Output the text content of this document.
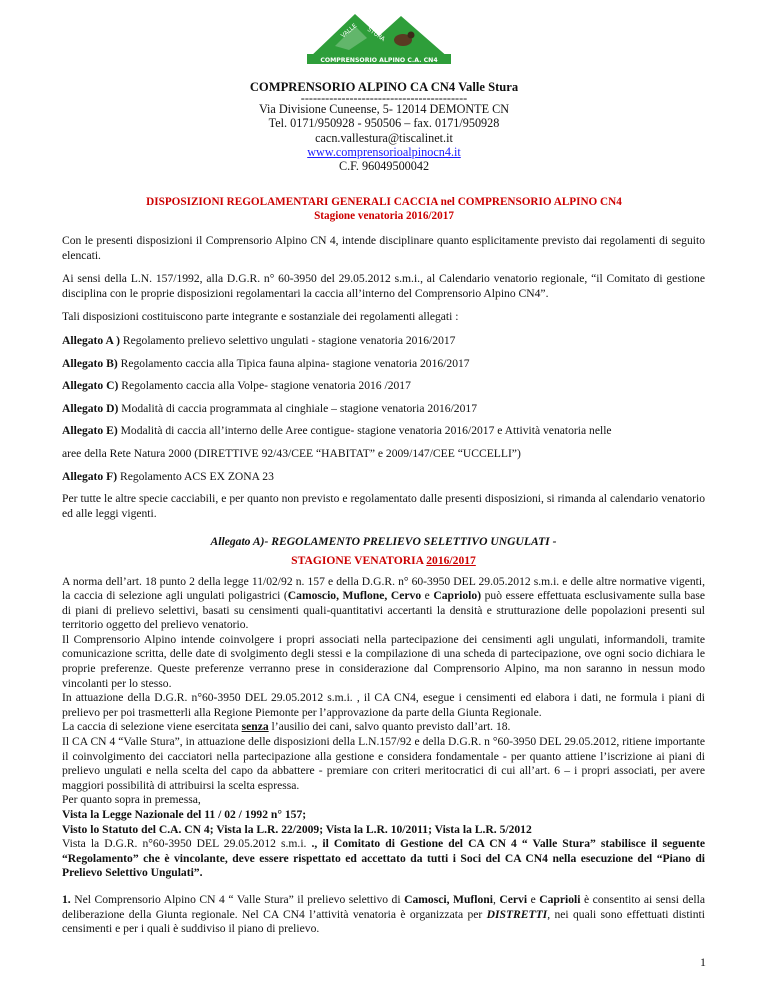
VALLE STURA
COMPRENSORIO ALPINO C.A. CN4
COMPRENSORIO ALPINO CA CN4 Valle Stura
-----------------------------------------
Via Divisione Cuneense, 5- 12014 DEMONTE CN
Tel. 0171/950928 - 950506 – fax. 0171/950928
cacn.vallestura@tiscalinet.it
www.comprensorioalpinocn4.it
C.F. 96049500042
DISPOSIZIONI REGOLAMENTARI GENERALI CACCIA nel COMPRENSORIO ALPINO CN4
Stagione venatoria 2016/2017

Con le presenti disposizioni il Comprensorio Alpino CN 4, intende disciplinare quanto esplicitamente previsto dai regolamenti di seguito elencati.

Ai sensi della L.N. 157/1992, alla D.G.R. n° 60-3950 del 29.05.2012 s.m.i., al Calendario venatorio regionale, “il Comitato di gestione disciplina con le proprie disposizioni regolamentari la caccia all’interno del Comprensorio Alpino CN4”.

Tali disposizioni costituiscono parte integrante e sostanziale dei regolamenti allegati :

Allegato A ) Regolamento prelievo selettivo ungulati - stagione venatoria 2016/2017

Allegato B) Regolamento caccia alla Tipica fauna alpina- stagione venatoria 2016/2017

Allegato C) Regolamento caccia alla Volpe- stagione venatoria 2016 /2017

Allegato D) Modalità di caccia programmata al cinghiale – stagione venatoria 2016/2017

Allegato E) Modalità di caccia all’interno delle Aree contigue- stagione venatoria 2016/2017 e Attività venatoria nelle

aree della Rete Natura 2000 (DIRETTIVE 92/43/CEE “HABITAT” e 2009/147/CEE “UCCELLI”)

Allegato F) Regolamento ACS EX ZONA 23

Per tutte le altre specie cacciabili, e per quanto non previsto e regolamentato dalle presenti disposizioni, si rimanda al calendario venatorio ed alle leggi vigenti.

Allegato A)- REGOLAMENTO PRELIEVO SELETTIVO UNGULATI -

STAGIONE VENATORIA 2016/2017

A norma dell’art. 18 punto 2 della legge 11/02/92 n. 157 e della D.G.R. n° 60-3950 DEL 29.05.2012 s.m.i. e delle altre normative vigenti, la caccia di selezione agli ungulati poligastrici (Camoscio, Muflone, Cervo e Capriolo) può essere effettuata esclusivamente sulla base di piani di prelievo selettivi, basati su censimenti quali-quantitativi accertanti la densità e strutturazione delle popolazioni presenti sul territorio oggetto del prelievo venatorio.

Il Comprensorio Alpino intende coinvolgere i propri associati nella partecipazione dei censimenti agli ungulati, informandoli, tramite comunicazione scritta, delle date di svolgimento degli stessi e la compilazione di una scheda di partecipazione, ove ogni socio dichiara le proprie preferenze. Queste preferenze verranno prese in considerazione dal Comprensorio Alpino, ma non saranno in nessun modo vincolanti per lo stesso.

In attuazione della D.G.R. n°60-3950 DEL 29.05.2012 s.m.i. , il CA CN4, esegue i censimenti ed elabora i dati, ne formula i piani di prelievo per poi trasmetterli alla Regione Piemonte per l’approvazione da parte della Giunta Regionale.

La caccia di selezione viene esercitata senza l’ausilio dei cani, salvo quanto previsto dall’art. 18.

Il CA CN 4 “Valle Stura”, in attuazione delle disposizioni della L.N.157/92 e della D.G.R. n °60-3950 DEL 29.05.2012, ritiene importante il coinvolgimento dei cacciatori nella partecipazione alla gestione e considera fondamentale - per quanto attiene l’iscrizione ai piani di prelievo ungulati e nella scelta del capo da abbattere - premiare con criteri meritocratici di cui all’art. 6 – i propri associati, per avere maggiori possibilità di attribuirsi la scelta espressa.

Per quanto sopra in premessa,

Vista la Legge Nazionale del 11 / 02 / 1992 n° 157;

Visto lo Statuto del C.A. CN 4; Vista la L.R. 22/2009; Vista la L.R. 10/2011; Vista la L.R. 5/2012

Vista la D.G.R. n°60-3950 DEL 29.05.2012 s.m.i. ., il Comitato di Gestione del CA CN 4 “ Valle Stura” stabilisce il seguente “Regolamento” che è vincolante, deve essere rispettato ed accettato da tutti i Soci del CA CN4 nella esecuzione del “Piano di Prelievo Selettivo Ungulati”.

1. Nel Comprensorio Alpino CN 4 “ Valle Stura” il prelievo selettivo di Camosci, Mufloni, Cervi e Caprioli è consentito ai sensi della deliberazione della Giunta regionale. Nel CA CN4 l’attività venatoria è organizzata per DISTRETTI, nei quali sono effettuati distinti censimenti e per i quali è suddiviso il piano di prelievo.

1
